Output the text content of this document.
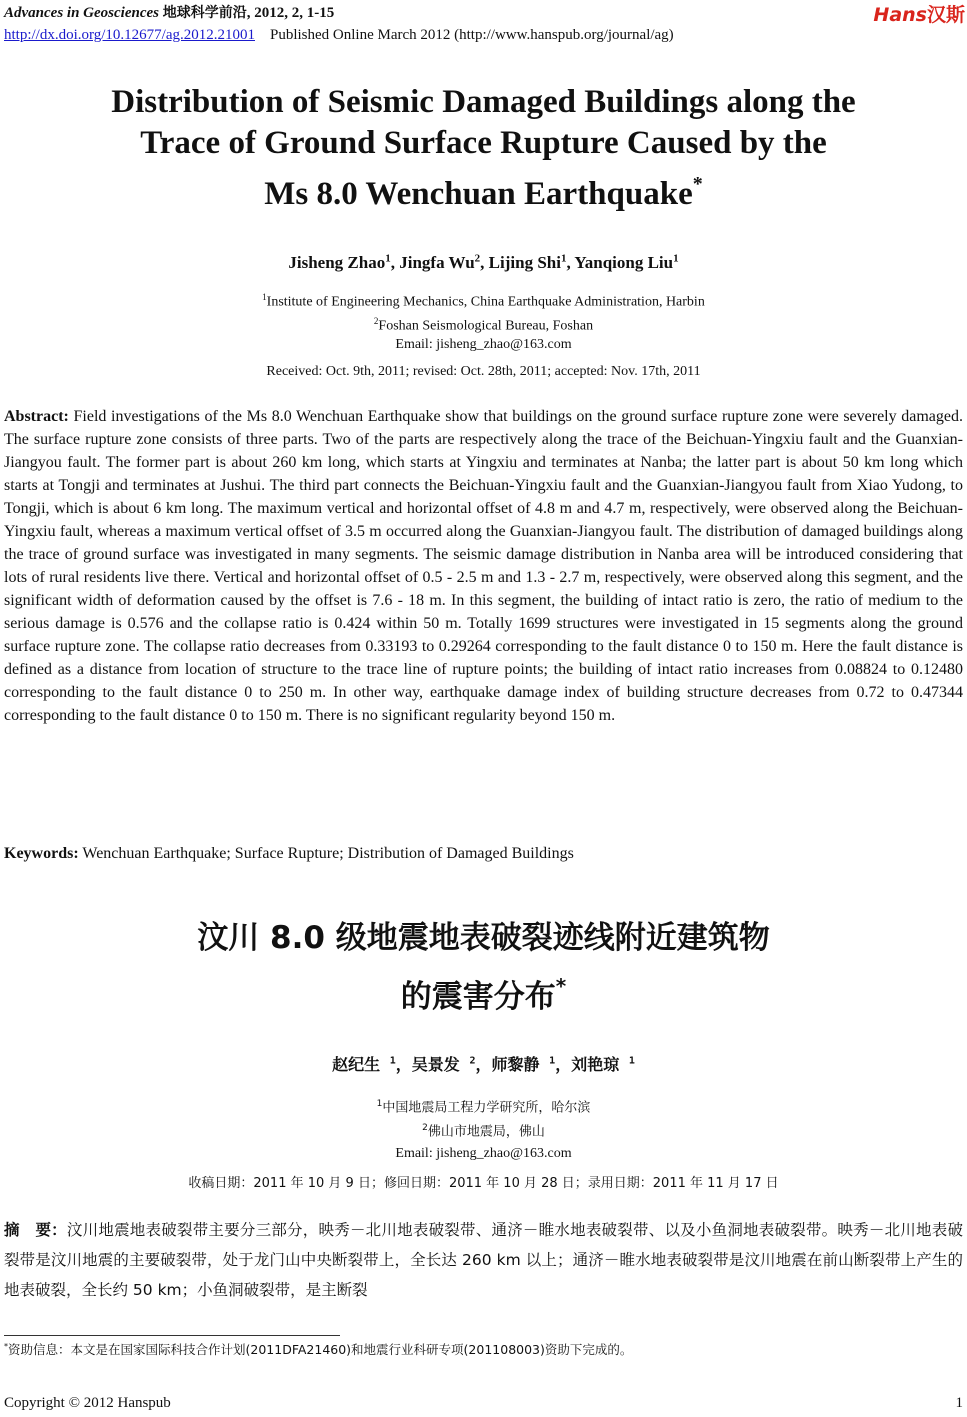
Advances in Geosciences 地球科学前沿, 2012, 2, 1-15
http://dx.doi.org/10.12677/ag.2012.21001 Published Online March 2012 (http://www.hanspub.org/journal/ag)
Hans汉斯
Distribution of Seismic Damaged Buildings along the
Trace of Ground Surface Rupture Caused by the
Ms 8.0 Wenchuan Earthquake*
Jisheng Zhao$^1$, Jingfa Wu$^2$, Lijing Shi$^1$, Yanqiong Liu$^1$
$^1$Institute of Engineering Mechanics, China Earthquake Administration, Harbin
$^2$Foshan Seismological Bureau, Foshan
Email: jisheng_zhao@163.com
Received: Oct. 9th, 2011; revised: Oct. 28th, 2011; accepted: Nov. 17th, 2011

Abstract: Field investigations of the Ms 8.0 Wenchuan Earthquake show that buildings on the ground surface rupture zone were severely damaged. The surface rupture zone consists of three parts. Two of the parts are respectively along the trace of the Beichuan-Yingxiu fault and the Guanxian-Jiangyou fault. The former part is about 260 km long, which starts at Yingxiu and terminates at Nanba; the latter part is about 50 km long which starts at Tongji and terminates at Jushui. The third part connects the Beichuan-Yingxiu fault and the Guanxian-Jiangyou fault from Xiao Yudong, to Tongji, which is about 6 km long. The maximum vertical and horizontal offset of 4.8 m and 4.7 m, respectively, were observed along the Beichuan-Yingxiu fault, whereas a maximum vertical offset of 3.5 m occurred along the Guanxian-Jiangyou fault. The distribution of damaged buildings along the trace of ground surface was investigated in many segments. The seismic damage distribution in Nanba area will be introduced considering that lots of rural residents live there. Vertical and horizontal offset of 0.5 - 2.5 m and 1.3 - 2.7 m, respectively, were observed along this segment, and the significant width of deformation caused by the offset is 7.6 - 18 m. In this segment, the building of intact ratio is zero, the ratio of medium to the serious damage is 0.576 and the collapse ratio is 0.424 within 50 m. Totally 1699 structures were investigated in 15 segments along the ground surface rupture zone. The collapse ratio decreases from 0.33193 to 0.29264 corresponding to the fault distance 0 to 150 m. Here the fault distance is defined as a distance from location of structure to the trace line of rupture points; the building of intact ratio increases from 0.08824 to 0.12480 corresponding to the fault distance 0 to 250 m. In other way, earthquake damage index of building structure decreases from 0.72 to 0.47344 corresponding to the fault distance 0 to 150 m. There is no significant regularity beyond 150 m.

Keywords: Wenchuan Earthquake; Surface Rupture; Distribution of Damaged Buildings

汶川 8.0 级地震地表破裂迹线附近建筑物
的震害分布*
赵纪生 $^1$，吴景发 $^2$，师黎静 $^1$，刘艳琼 $^1$
$^1$中国地震局工程力学研究所，哈尔滨
$^2$佛山市地震局，佛山
Email: jisheng_zhao@163.com
收稿日期：2011 年 10 月 9 日；修回日期：2011 年 10 月 28 日；录用日期：2011 年 11 月 17 日

摘　要：汶川地震地表破裂带主要分三部分，映秀－北川地表破裂带、通济－睢水地表破裂带、以及小鱼洞地表破裂带。映秀－北川地表破裂带是汶川地震的主要破裂带，处于龙门山中央断裂带上，全长达 260 km 以上；通济－睢水地表破裂带是汶川地震在前山断裂带上产生的地表破裂，全长约 50 km；小鱼洞破裂带，是主断裂

*资助信息：本文是在国家国际科技合作计划(2011DFA21460)和地震行业科研专项(201108003)资助下完成的。

Copyright © 2012 Hanspub	1
